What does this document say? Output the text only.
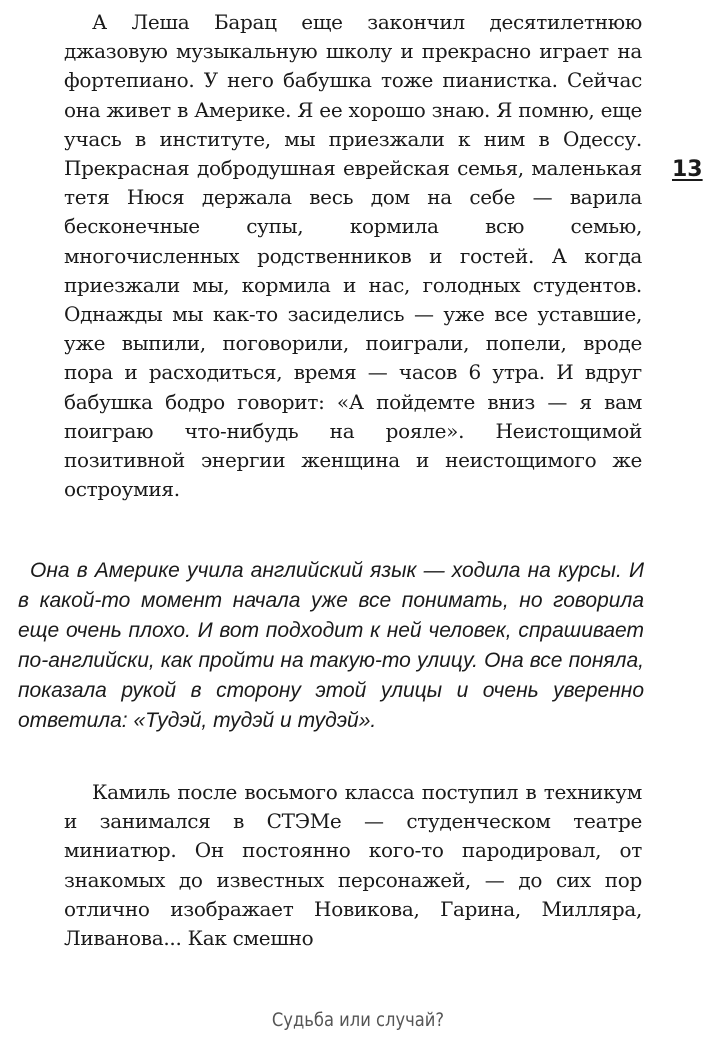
13

А Леша Барац еще закончил десятилетнюю джазовую музыкальную школу и прекрасно играет на фортепиано. У него бабушка тоже пианистка. Сейчас она живет в Америке. Я ее хорошо знаю. Я помню, еще учась в институте, мы приезжали к ним в Одессу. Прекрасная добродушная еврейская семья, маленькая тетя Нюся держала весь дом на себе — варила бесконечные супы, кормила всю семью, многочисленных родственников и гостей. А когда приезжали мы, кормила и нас, голодных студентов. Однажды мы как-то засиделись — уже все уставшие, уже выпили, поговорили, поиграли, попели, вроде пора и расходиться, время — часов 6 утра. И вдруг бабушка бодро говорит: «А пойдемте вниз — я вам поиграю что-нибудь на рояле». Неистощимой позитивной энергии женщина и неистощимого же остроумия.

Она в Америке учила английский язык — ходила на курсы. И в какой-то момент начала уже все понимать, но говорила еще очень плохо. И вот подходит к ней человек, спрашивает по-английски, как пройти на такую-то улицу. Она все поняла, показала рукой в сторону этой улицы и очень уверенно ответила: «Тудэй, тудэй и тудэй».

Камиль после восьмого класса поступил в техникум и занимался в СТЭМе — студенческом театре миниатюр. Он постоянно кого-то пародировал, от знакомых до известных персонажей, — до сих пор отлично изображает Новикова, Гарина, Милляра, Ливанова... Как смешно

Судьба или случай?
